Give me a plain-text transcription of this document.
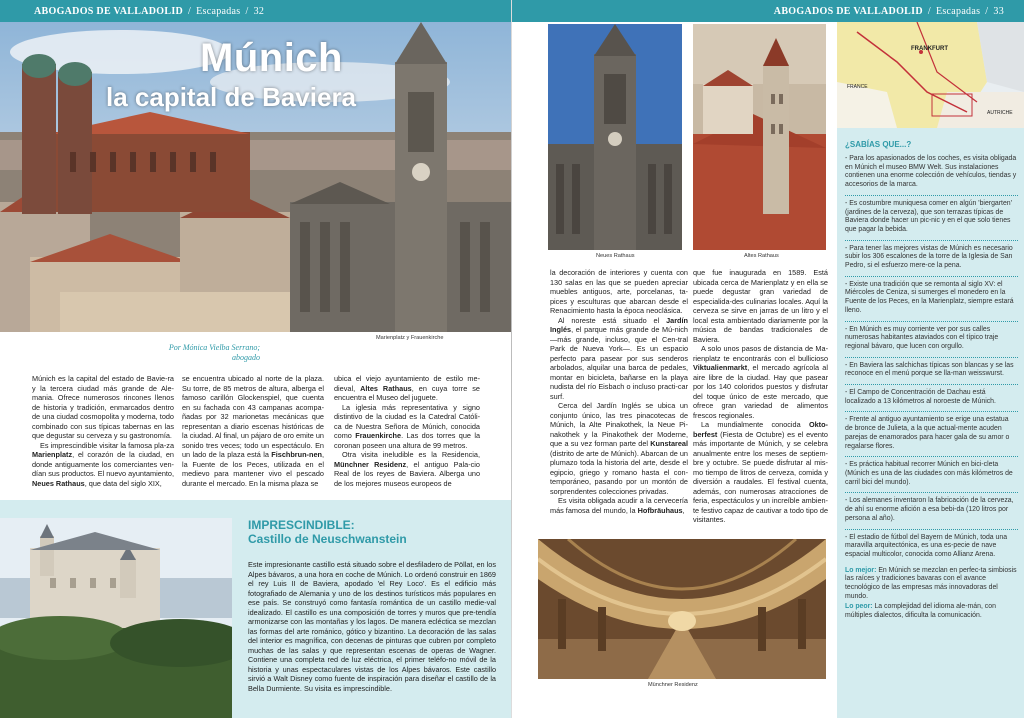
ABOGADOS DE VALLADOLID / Escapadas / 32
Múnich
la capital de Baviera
Marienplatz y Frauenkirche
Por Mónica Vielba Serrano;
abogado

Múnich es la capital del estado de Bavie-ra y la tercera ciudad más grande de Ale-mania. Ofrece numerosos rincones llenos de historia y tradición, enmarcados dentro de una ciudad cosmopolita y moderna, todo combinado con sus típicas tabernas en las que degustar su cerveza y su gastronomía.

Es imprescindible visitar la famosa pla-za Marienplatz, el corazón de la ciudad, en donde antiguamente los comerciantes ven-dían sus productos. El nuevo ayuntamiento, Neues Rathaus, que data del siglo XIX,

se encuentra ubicado al norte de la plaza. Su torre, de 85 metros de altura, alberga el famoso carillón Glockenspiel, que cuenta en su fachada con 43 campanas acompa-ñadas por 32 marionetas mecánicas que representan a diario escenas históricas de la ciudad. Al final, un pájaro de oro emite un sonido tres veces; todo un espectáculo. En un lado de la plaza está la Fischbrun-nen, la Fuente de los Peces, utilizada en el medievo para mantener vivo el pescado durante el mercado. En la misma plaza se

ubica el viejo ayuntamiento de estilo me-dieval, Altes Rathaus, en cuya torre se encuentra el Museo del juguete.

La iglesia más representativa y signo distintivo de la ciudad es la Catedral Católi-ca de Nuestra Señora de Múnich, conocida como Frauenkirche. Las dos torres que la coronan poseen una altura de 99 metros.

Otra visita ineludible es la Residencia, Münchner Residenz, el antiguo Pala-cio Real de los reyes de Baviera. Alberga uno de los mejores museos europeos de

IMPRESCINDIBLE:
Castillo de Neuschwanstein

Este impresionante castillo está situado sobre el desfiladero de Pöllat, en los Alpes bávaros, a una hora en coche de Múnich. Lo ordenó construir en 1869 el rey Luis II de Baviera, apodado 'el Rey Loco'. Es el edificio más fotografiado de Alemania y uno de los destinos turísticos más populares en ese país. Se construyó como fantasía romántica de un castillo medie-val idealizado. El castillo es una composición de torres y muros que pre-tendía armonizarse con las montañas y los lagos. De manera ecléctica se mezclan las formas del arte románico, gótico y bizantino. La decoración de las salas del interior es magnífica, con decenas de pinturas que cubren por completo muchas de las salas y que representan escenas de operas de Wagner. Contiene una completa red de luz eléctrica, el primer teléfo-no móvil de la historia y unas espectaculares vistas de los Alpes bávaros. Este castillo sirvió a Walt Disney como fuente de inspiración para diseñar el castillo de la Bella Durmiente. Su visita es imprescindible.

ABOGADOS DE VALLADOLID / Escapadas / 33
Neues Rathaus	Altes Rathaus
FRANKFURT
FRANCE
AUTRICHE
¿SABÍAS QUE...?
- Para los apasionados de los coches, es visita obligada en Múnich el museo BMW Welt. Sus instalaciones contienen una enorme colección de vehículos, tiendas y accesorios de la marca.
- Es costumbre muniquesa comer en algún 'biergarten' (jardines de la cerveza), que son terrazas típicas de Baviera donde hacer un pic-nic y en el que solo tienes que pagar la bebida.
- Para tener las mejores vistas de Múnich es necesario subir los 306 escalones de la torre de la Iglesia de San Pedro, si el esfuerzo mere-ce la pena.
- Existe una tradición que se remonta al siglo XV: el Miércoles de Ceniza, si sumerges el monedero en la Fuente de los Peces, en la Marienplatz, siempre estará lleno.
- En Múnich es muy corriente ver por sus calles numerosas habitantes ataviados con el típico traje regional bávaro, que lucen con orgullo.
- En Baviera las salchichas típicas son blancas y se las reconoce en el menú porque se lla-man weisswurst.
- El Campo de Concentración de Dachau está localizado a 13 kilómetros al noroeste de Múnich.
- Frente al antiguo ayuntamiento se erige una estatua de bronce de Julieta, a la que actual-mente acuden parejas de enamorados para hacer gala de su amor o regalarse flores.
- Es práctica habitual recorrer Múnich en bici-cleta (Múnich es una de las ciudades con más kilómetros de carril bici del mundo).
- Los alemanes inventaron la fabricación de la cerveza, de ahí su enorme afición a esa bebi-da (120 litros por persona al año).
- El estadio de fútbol del Bayern de Múnich, toda una maravilla arquitectónica, es una es-pecie de nave espacial multicolor, conocida como Allianz Arena.
Lo mejor: En Múnich se mezclan en perfec-ta simbiosis las raíces y tradiciones bavaras con el avance tecnológico de las empresas más innovadoras del mundo.
Lo peor: La complejidad del idioma ale-mán, con múltiples dialectos, dificulta la comunicación.

la decoración de interiores y cuenta con 130 salas en las que se pueden apreciar muebles antiguos, arte, porcelanas, ta-pices y esculturas que abarcan desde el Renacimiento hasta la época neoclásica.

Al noreste está situado el Jardín Inglés, el parque más grande de Mú-nich —más grande, incluso, que el Cen-tral Park de Nueva York—. Es un espacio perfecto para pasear por sus senderos arbolados, alquilar una barca de pedales, montar en bicicleta, bañarse en la playa nudista del río Eisbach o incluso practi-car surf.

Cerca del Jardín Inglés se ubica un conjunto único, las tres pinacotecas de Múnich, la Alte Pinakothek, la Neue Pi-nakothek y la Pinakothek der Moderne, que a su vez forman parte del Kunstareal (distrito de arte de Múnich). Abarcan de un plumazo toda la historia del arte, desde el egipcio, griego y romano hasta el con-temporáneo, pasando por un montón de sorprendentes colecciones privadas.

Es visita obligada acudir a la cervecería más famosa del mundo, la Hofbräuhaus,

que fue inaugurada en 1589. Está ubicada cerca de Marienplatz y en ella se puede degustar gran variedad de especialida-des culinarias locales. Aquí la cerveza se sirve en jarras de un litro y el local esta ambientado diariamente por la música de bandas tradicionales de Baviera.

A solo unos pasos de distancia de Ma-rienplatz te encontrarás con el bullicioso Viktualienmarkt, el mercado agrícola al aire libre de la ciudad. Hay que pasear por los 140 coloridos puestos y disfrutar del toque único de este mercado, que ofrece gran variedad de alimentos frescos regionales.

La mundialmente conocida Okto-berfest (Fiesta de Octubre) es el evento más importante de Múnich, y se celebra anualmente entre los meses de septiem-bre y octubre. Se puede disfrutar al mis-mo tiempo de litros de cerveza, comida y diversión a raudales. El festival cuenta, además, con numerosas atracciones de feria, espectáculos y un increíble ambien-te festivo capaz de cautivar a todo tipo de visitantes.

Münchner Residenz
